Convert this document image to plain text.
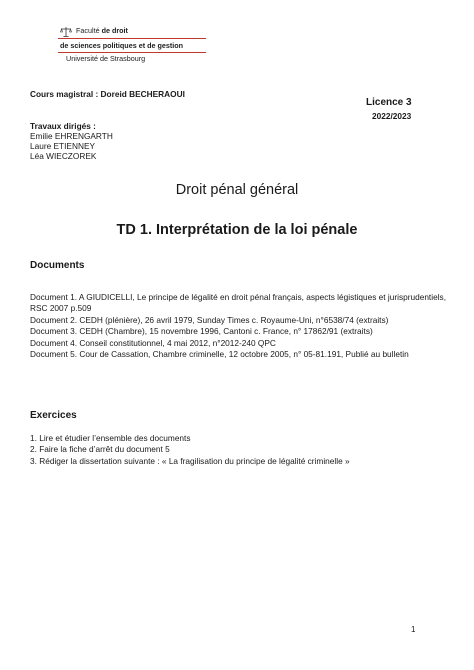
Faculté de droit
de sciences politiques et de gestion
Université de Strasbourg
Cours magistral : Doreid BECHERAOUI
Licence 3
2022/2023
Travaux dirigés :
Emilie EHRENGARTH
Laure ETIENNEY
Léa WIECZOREK
Droit pénal général
TD 1. Interprétation de la loi pénale
Documents

Document 1. A GIUDICELLI, Le principe de légalité en droit pénal français, aspects légistiques et jurisprudentiels, RSC 2007 p.509

Document 2. CEDH (plénière), 26 avril 1979, Sunday Times c. Royaume-Uni, n°6538/74 (extraits)

Document 3. CEDH (Chambre), 15 novembre 1996, Cantoni c. France, n° 17862/91 (extraits)

Document 4. Conseil constitutionnel, 4 mai 2012, n°2012-240 QPC

Document 5. Cour de Cassation, Chambre criminelle, 12 octobre 2005, n° 05-81.191, Publié au bulletin

Exercices

1. Lire et étudier l’ensemble des documents

2. Faire la fiche d’arrêt du document 5

3. Rédiger la dissertation suivante : « La fragilisation du principe de légalité criminelle »

1
